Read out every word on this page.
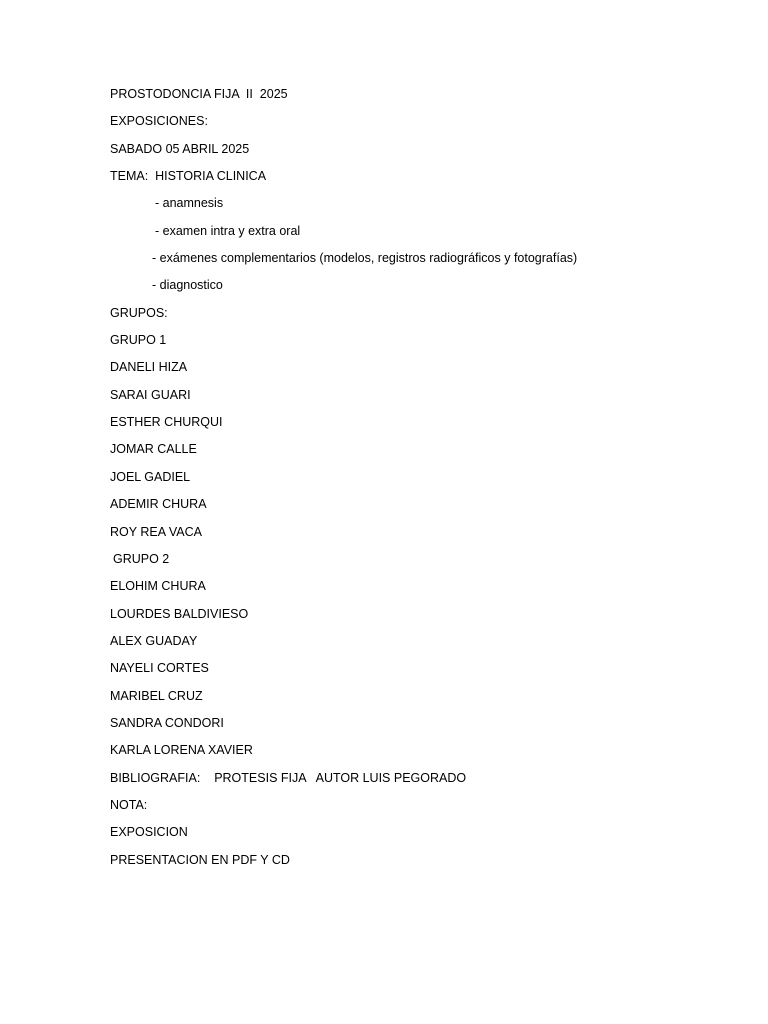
PROSTODONCIA FIJA  II  2025
EXPOSICIONES:
SABADO 05 ABRIL 2025
TEMA:  HISTORIA CLINICA
- anamnesis
- examen intra y extra oral
- exámenes complementarios (modelos, registros radiográficos y fotografías)
- diagnostico
GRUPOS:
GRUPO 1
DANELI HIZA
SARAI GUARI
ESTHER CHURQUI
JOMAR CALLE
JOEL GADIEL
ADEMIR CHURA
ROY REA VACA
GRUPO 2
ELOHIM CHURA
LOURDES BALDIVIESO
ALEX GUADAY
NAYELI CORTES
MARIBEL CRUZ
SANDRA CONDORI
KARLA LORENA XAVIER
BIBLIOGRAFIA:    PROTESIS FIJA   AUTOR LUIS PEGORADO
NOTA:
EXPOSICION
PRESENTACION EN PDF Y CD
